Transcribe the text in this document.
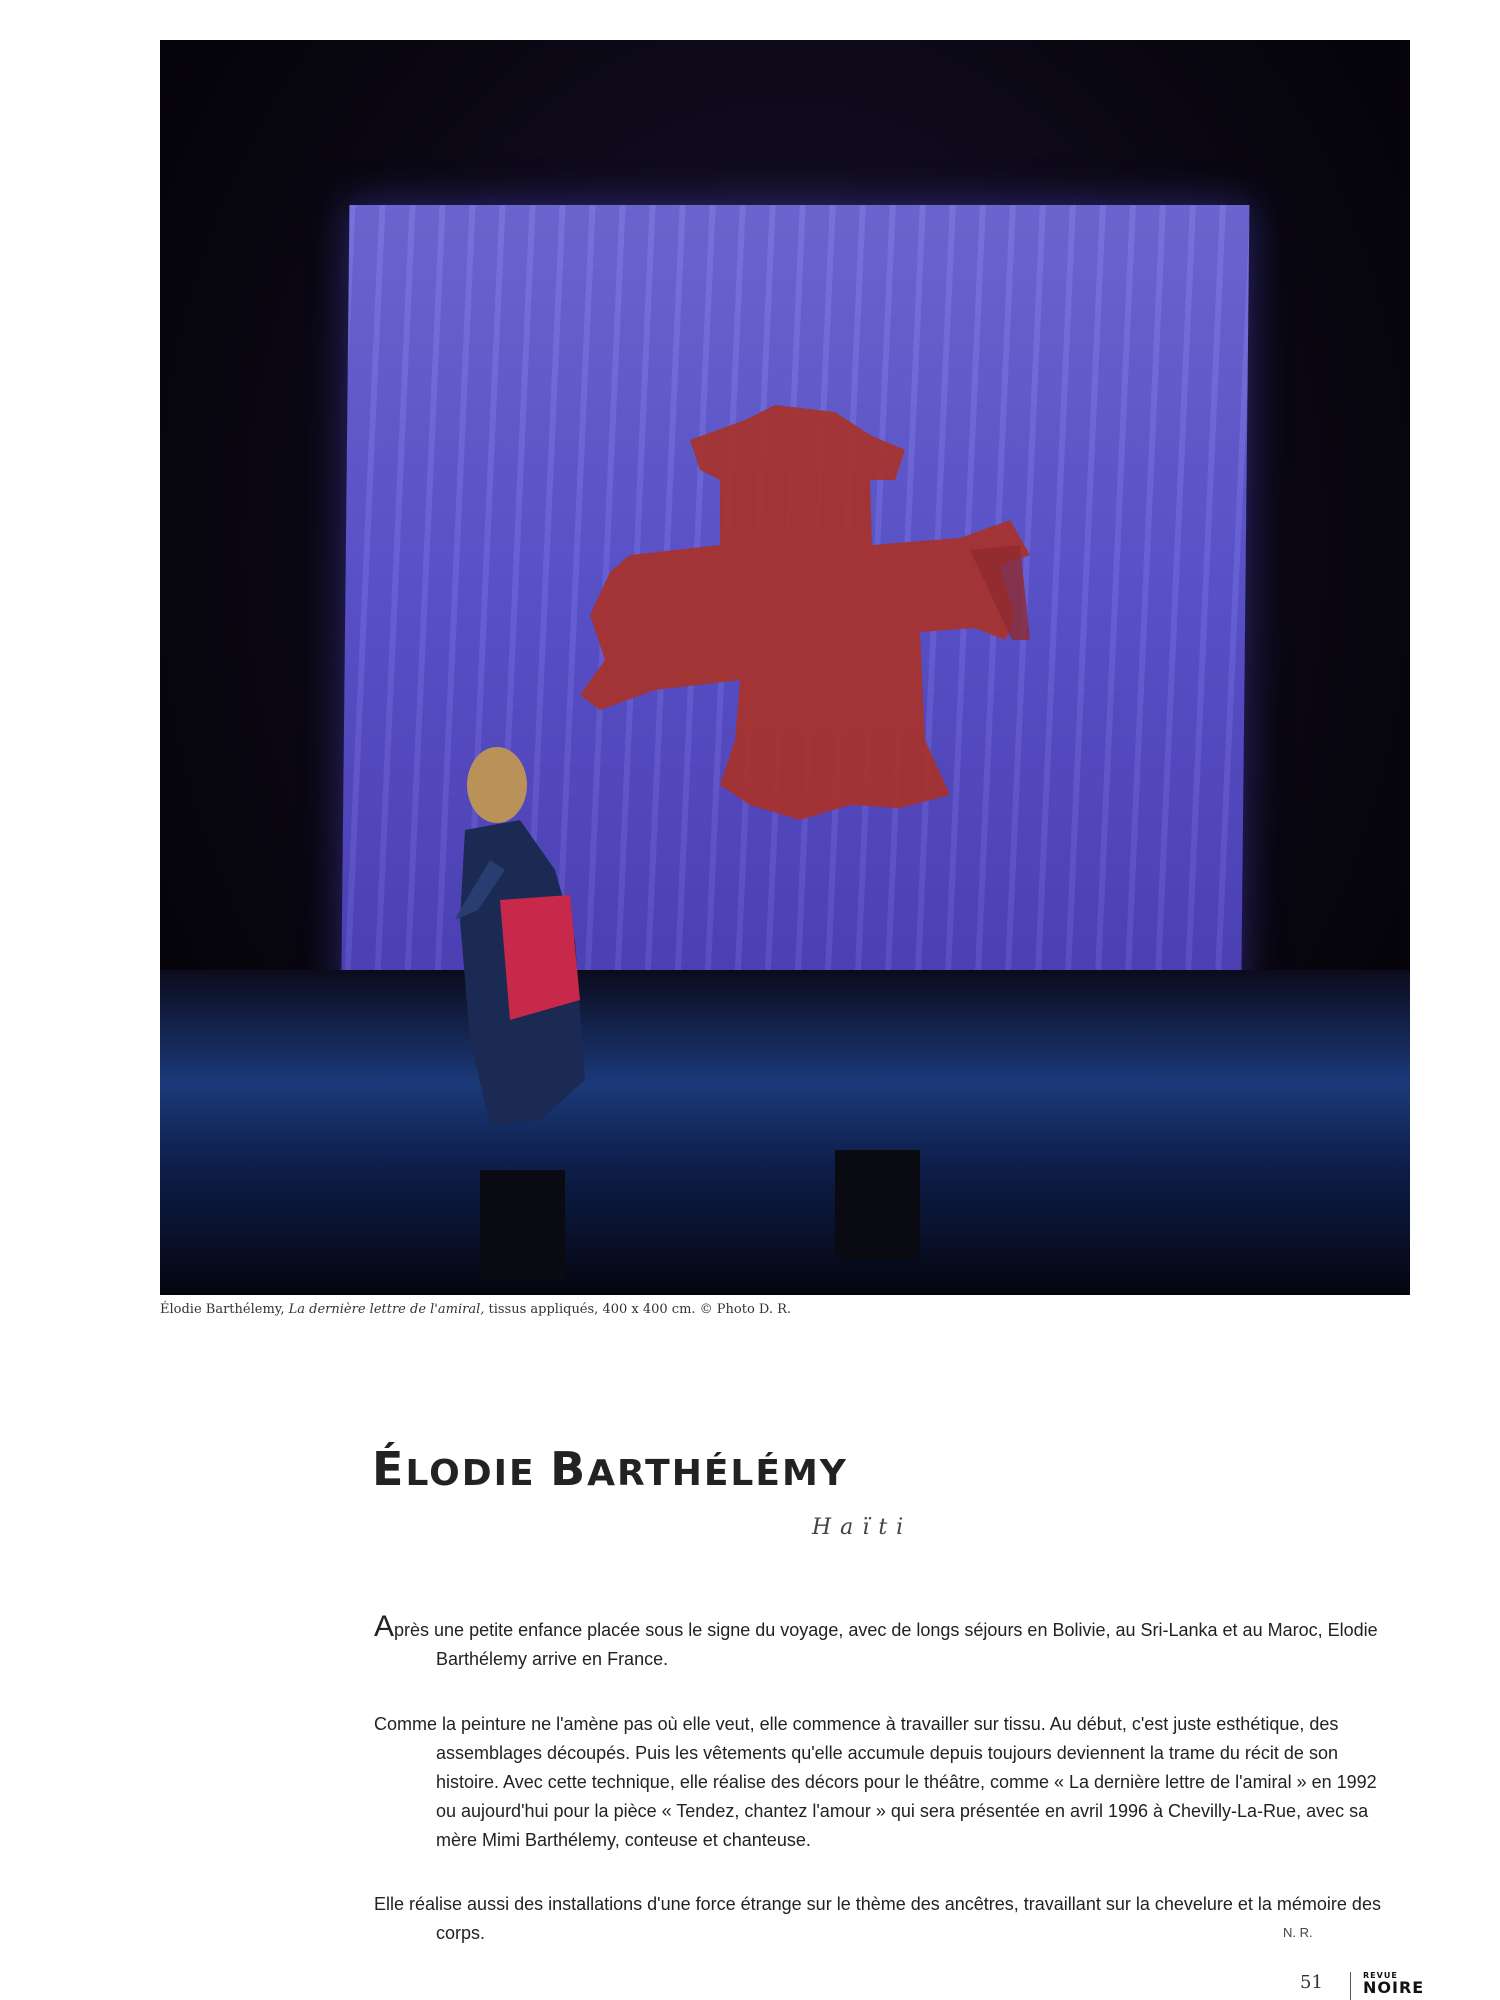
Élodie Barthélemy, La dernière lettre de l'amiral, tissus appliqués, 400 x 400 cm. © Photo D. R.
ÉLODIE BARTHÉLÉMY
Haïti

Après une petite enfance placée sous le signe du voyage, avec de longs séjours en Bolivie, au Sri-Lanka et au Maroc, Elodie Barthélemy arrive en France.

Comme la peinture ne l'amène pas où elle veut, elle commence à travailler sur tissu. Au début, c'est juste esthétique, des assemblages découpés. Puis les vêtements qu'elle accumule depuis toujours deviennent la trame du récit de son histoire. Avec cette technique, elle réalise des décors pour le théâtre, comme « La dernière lettre de l'amiral » en 1992 ou aujourd'hui pour la pièce « Tendez, chantez l'amour » qui sera présentée en avril 1996 à Chevilly-La-Rue, avec sa mère Mimi Barthélemy, conteuse et chanteuse.

Elle réalise aussi des installations d'une force étrange sur le thème des ancêtres, travaillant sur la chevelure et la mémoire des corps.	N. R.
51	REVUE
NOIRE
